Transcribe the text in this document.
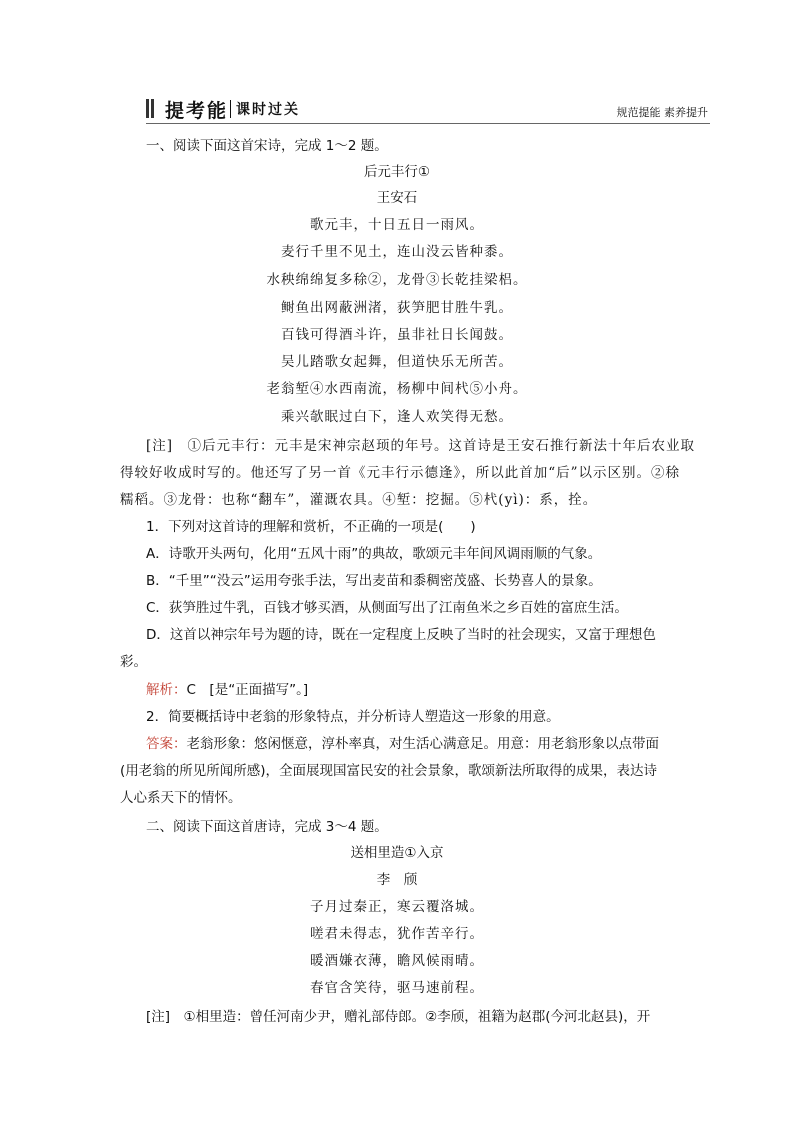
提考能 课时过关	规范提能 素养提升
一、阅读下面这首宋诗，完成 1～2 题。
后元丰行①
王安石
歌元丰，十日五日一雨风。
麦行千里不见土，连山没云皆种黍。
水秧绵绵复多稌②，龙骨③长乾挂梁梠。
鲥鱼出网蔽洲渚，荻笋肥甘胜牛乳。
百钱可得酒斗许，虽非社日长闻鼓。
吴儿踏歌女起舞，但道快乐无所苦。
老翁堑④水西南流，杨柳中间杙⑤小舟。
乘兴欹眠过白下，逢人欢笑得无愁。
[注]　①后元丰行：元丰是宋神宗赵顼的年号。这首诗是王安石推行新法十年后农业取
得较好收成时写的。他还写了另一首《元丰行示德逢》，所以此首加“后”以示区别。②稌
糯稻。③龙骨：也称“翻车”，灌溉农具。④堑：挖掘。⑤杙(yì)：系，拴。
1．下列对这首诗的理解和赏析，不正确的一项是(　　)
A．诗歌开头两句，化用“五风十雨”的典故，歌颂元丰年间风调雨顺的气象。
B．“千里”“没云”运用夸张手法，写出麦苗和黍稠密茂盛、长势喜人的景象。
C．荻笋胜过牛乳，百钱才够买酒，从侧面写出了江南鱼米之乡百姓的富庶生活。
D．这首以神宗年号为题的诗，既在一定程度上反映了当时的社会现实，又富于理想色
彩。
解析：C　[是“正面描写”。]
2．简要概括诗中老翁的形象特点，并分析诗人塑造这一形象的用意。
答案：老翁形象：悠闲惬意，淳朴率真，对生活心满意足。用意：用老翁形象以点带面
(用老翁的所见所闻所感)，全面展现国富民安的社会景象，歌颂新法所取得的成果，表达诗
人心系天下的情怀。
二、阅读下面这首唐诗，完成 3～4 题。
送相里造①入京
李　颀
子月过秦正，寒云覆洛城。
嗟君未得志，犹作苦辛行。
暖酒嫌衣薄，瞻风候雨晴。
春官含笑待，驱马速前程。
[注]　①相里造：曾任河南少尹，赠礼部侍郎。②李颀，祖籍为赵郡(今河北赵县)，开
